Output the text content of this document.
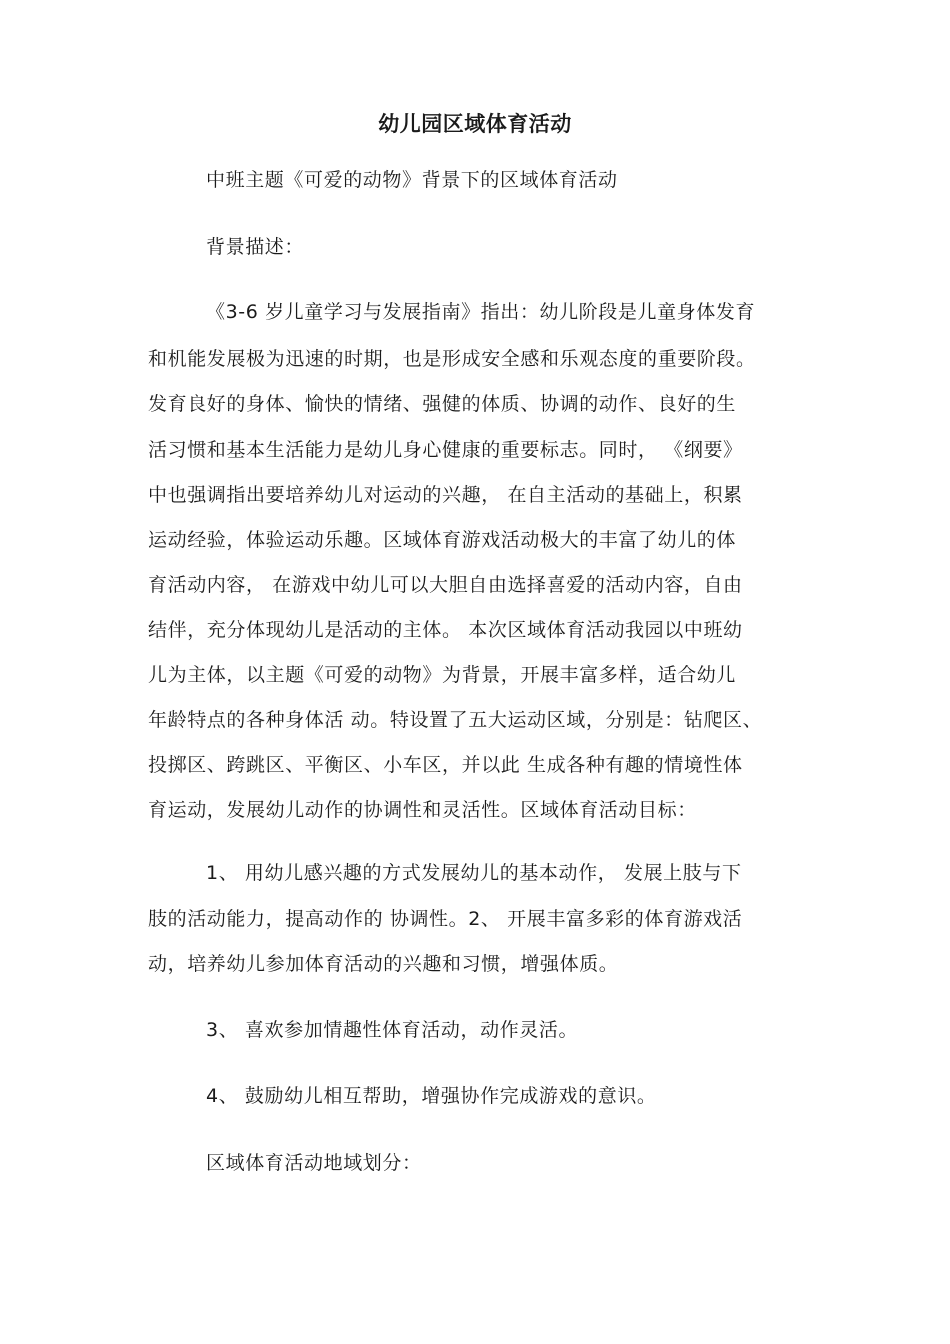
幼儿园区域体育活动
中班主题《可爱的动物》背景下的区域体育活动
背景描述：
《3-6 岁儿童学习与发展指南》指出：幼儿阶段是儿童身体发育
和机能发展极为迅速的时期，也是形成安全感和乐观态度的重要阶段。
发育良好的身体、愉快的情绪、强健的体质、协调的动作、良好的生
活习惯和基本生活能力是幼儿身心健康的重要标志。同时， 《纲要》
中也强调指出要培养幼儿对运动的兴趣， 在自主活动的基础上，积累
运动经验，体验运动乐趣。区域体育游戏活动极大的丰富了幼儿的体
育活动内容， 在游戏中幼儿可以大胆自由选择喜爱的活动内容，自由
结伴，充分体现幼儿是活动的主体。 本次区域体育活动我园以中班幼
儿为主体，以主题《可爱的动物》为背景，开展丰富多样，适合幼儿
年龄特点的各种身体活 动。特设置了五大运动区域，分别是：钻爬区、
投掷区、跨跳区、平衡区、小车区，并以此 生成各种有趣的情境性体
育运动，发展幼儿动作的协调性和灵活性。区域体育活动目标：
1、 用幼儿感兴趣的方式发展幼儿的基本动作， 发展上肢与下
肢的活动能力，提高动作的 协调性。2、 开展丰富多彩的体育游戏活
动，培养幼儿参加体育活动的兴趣和习惯，增强体质。
3、 喜欢参加情趣性体育活动，动作灵活。
4、 鼓励幼儿相互帮助，增强协作完成游戏的意识。
区域体育活动地域划分：
